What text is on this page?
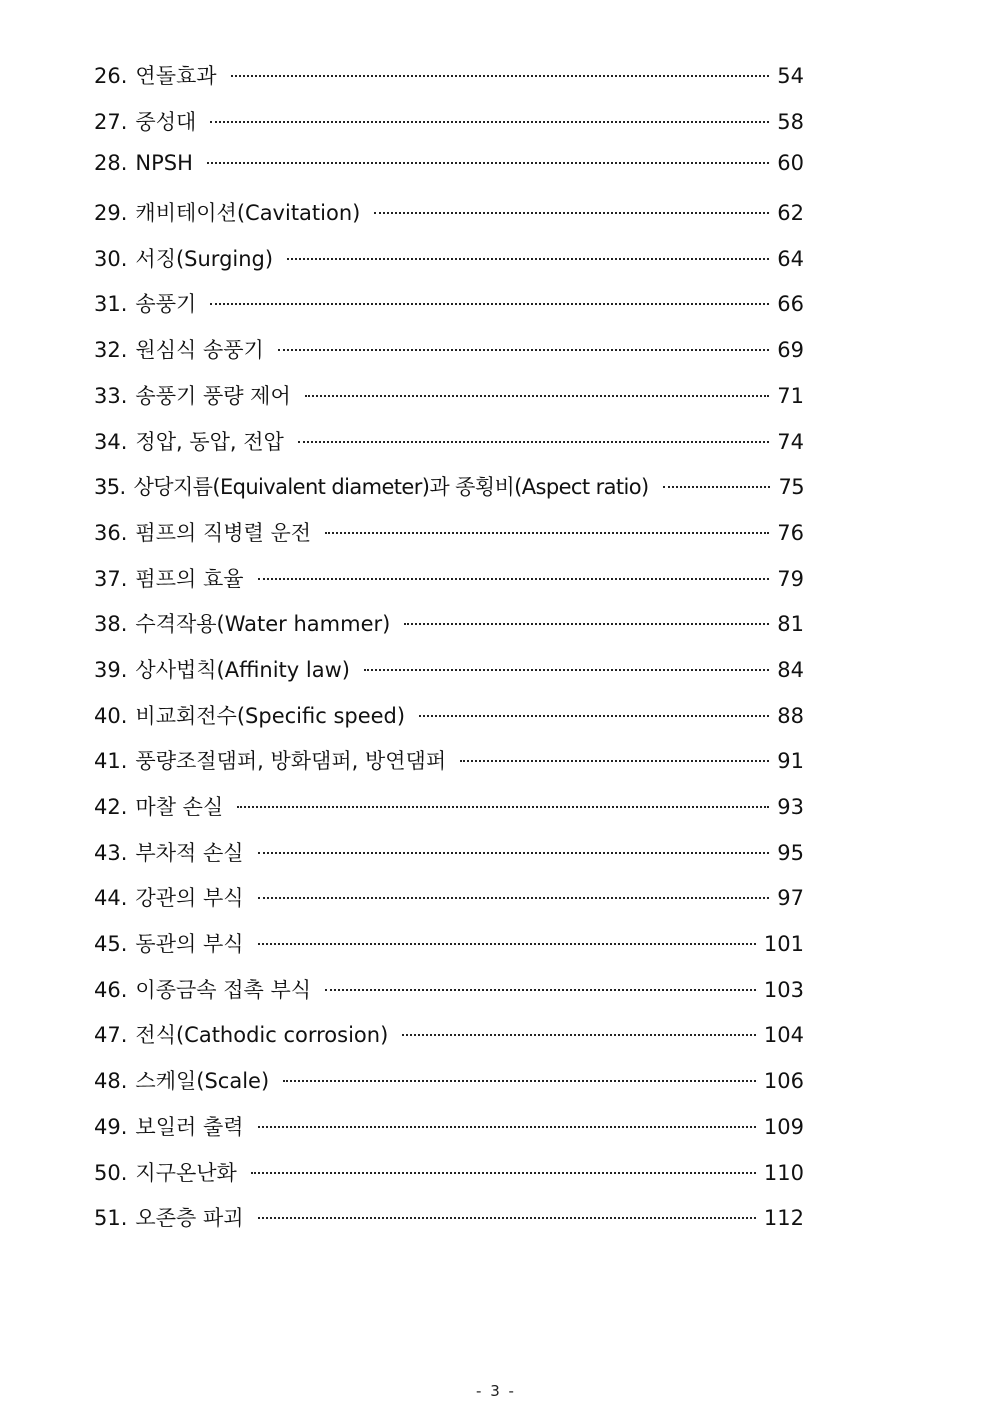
26. 연돌효과	54
27. 중성대	58
28. NPSH	60
29. 캐비테이션(Cavitation)	62
30. 서징(Surging)	64
31. 송풍기	66
32. 원심식 송풍기	69
33. 송풍기 풍량 제어	71
34. 정압, 동압, 전압	74
35. 상당지름(Equivalent diameter)과 종횡비(Aspect ratio)	75
36. 펌프의 직병렬 운전	76
37. 펌프의 효율	79
38. 수격작용(Water hammer)	81
39. 상사법칙(Affinity law)	84
40. 비교회전수(Specific speed)	88
41. 풍량조절댐퍼, 방화댐퍼, 방연댐퍼	91
42. 마찰 손실	93
43. 부차적 손실	95
44. 강관의 부식	97
45. 동관의 부식	101
46. 이종금속 접촉 부식	103
47. 전식(Cathodic corrosion)	104
48. 스케일(Scale)	106
49. 보일러 출력	109
50. 지구온난화	110
51. 오존층 파괴	112
- 3 -
